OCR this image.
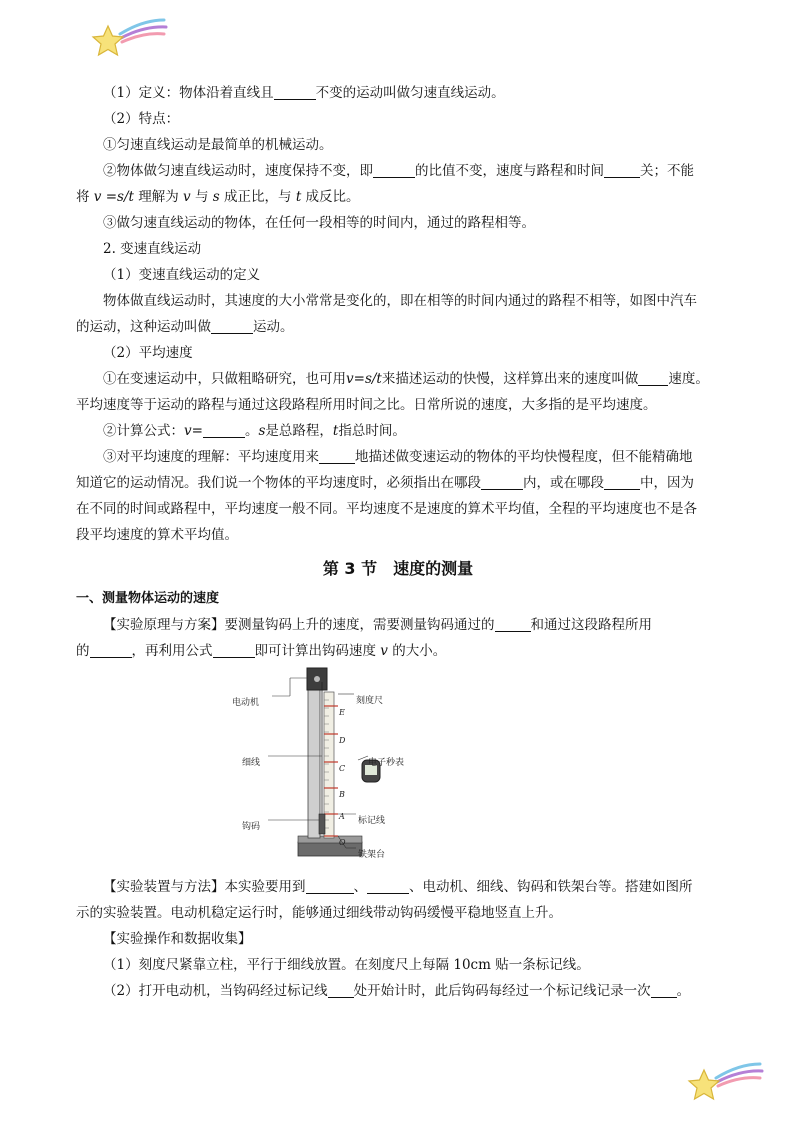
（1）定义：物体沿着直线且	不变的运动叫做匀速直线运动。

（2）特点：

①匀速直线运动是最简单的机械运动。

②物体做匀速直线运动时，速度保持不变，即	的比值不变，速度与路程和时间	关；不能

将 v =s/t 理解为 v 与 s 成正比，与 t 成反比。

③做匀速直线运动的物体，在任何一段相等的时间内，通过的路程相等。

2. 变速直线运动

（1）变速直线运动的定义

物体做直线运动时，其速度的大小常常是变化的，即在相等的时间内通过的路程不相等，如图中汽车

的运动，这种运动叫做	运动。

（2）平均速度

①在变速运动中，只做粗略研究，也可用v=s/t来描述运动的快慢，这样算出来的速度叫做 速度。

平均速度等于运动的路程与通过这段路程所用时间之比。日常所说的速度，大多指的是平均速度。

②计算公式：v=	。s是总路程，t指总时间。

③对平均速度的理解：平均速度用来	地描述做变速运动的物体的平均快慢程度，但不能精确地

知道它的运动情况。我们说一个物体的平均速度时，必须指出在哪段	内，或在哪段	中，因为

在不同的时间或路程中，平均速度一般不同。平均速度不是速度的算术平均值，全程的平均速度也不是各

段平均速度的算术平均值。

第 3 节　速度的测量

一、测量物体运动的速度

【实验原理与方案】要测量钩码上升的速度，需要测量钩码通过的	和通过这段路程所用

的	，再利用公式	即可计算出钩码速度 v 的大小。

电动机	刻度尺
细线	电子秒表
钩码
标记线
铁架台
E
D
C
B
A
O

【实验装置与方法】本实验要用到	、	、电动机、细线、钩码和铁架台等。搭建如图所

示的实验装置。电动机稳定运行时，能够通过细线带动钩码缓慢平稳地竖直上升。

【实验操作和数据收集】

（1）刻度尺紧靠立柱，平行于细线放置。在刻度尺上每隔 10cm 贴一条标记线。

（2）打开电动机，当钩码经过标记线 处开始计时，此后钩码每经过一个标记线记录一次 。
